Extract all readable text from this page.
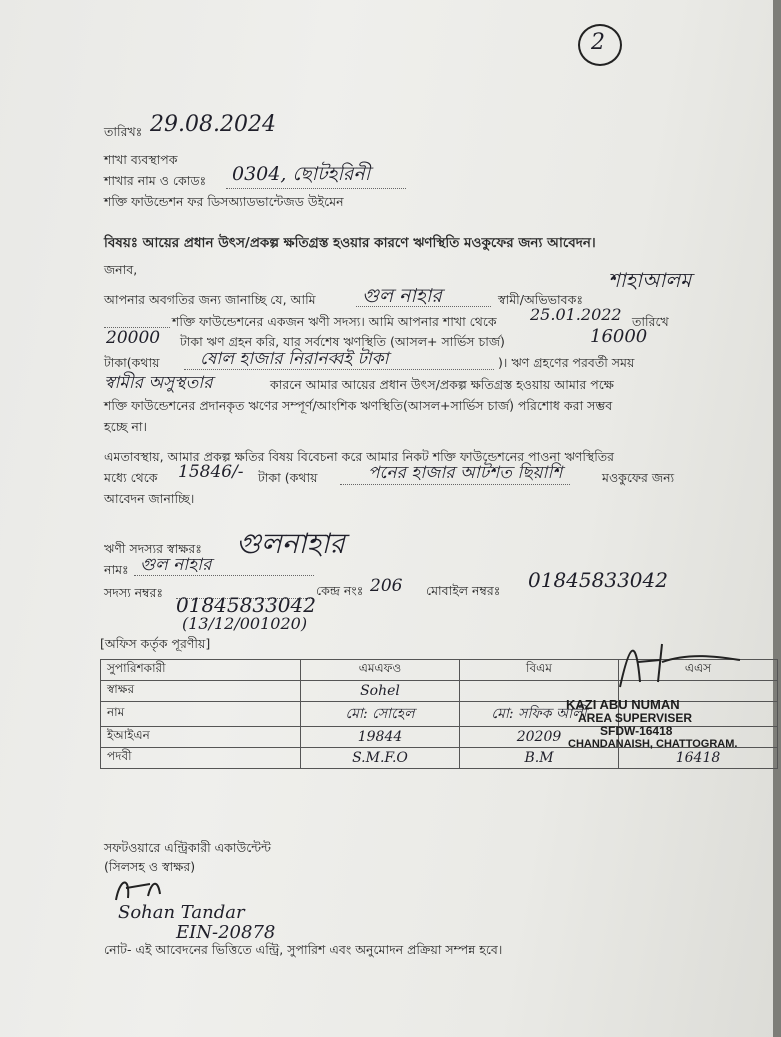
2
তারিখঃ 29.08.2024
শাখা ব্যবস্থাপক
শাখার নাম ও কোডঃ 0304, ছোটহরিনী
শক্তি ফাউন্ডেশন ফর ডিসঅ্যাডভান্টেজড উইমেন
বিষয়ঃ আয়ের প্রধান উৎস/প্রকল্প ক্ষতিগ্রস্ত হওয়ার কারণে ঋণস্থিতি মওকুফের জন্য আবেদন।
জনাব,
আপনার অবগতির জন্য জানাচ্ছি যে, আমি গুল নাহার	স্বামী/অভিভাবকঃ
শাহাআলম
শক্তি ফাউন্ডেশনের একজন ঋণী সদস্য। আমি আপনার শাখা থেকে 25.01.2022 তারিখে
20000 টাকা ঋণ গ্রহন করি, যার সর্বশেষ ঋণস্থিতি (আসল+ সার্ভিস চার্জ)	16000
টাকা(কথায় ষোল হাজার নিরানব্বই টাকা	)। ঋণ গ্রহণের পরবর্তী সময়
স্বামীর অসুস্থতার	কারনে আমার আয়ের প্রধান উৎস/প্রকল্প ক্ষতিগ্রস্ত হওয়ায় আমার পক্ষে
শক্তি ফাউন্ডেশনের প্রদানকৃত ঋণের সম্পূর্ণ/আংশিক ঋণস্থিতি(আসল+সার্ভিস চার্জ) পরিশোধ করা সম্ভব
হচ্ছে না।
এমতাবস্থায়, আমার প্রকল্প ক্ষতির বিষয় বিবেচনা করে আমার নিকট শক্তি ফাউন্ডেশনের পাওনা ঋণস্থিতির
মধ্যে থেকে 15846/- টাকা (কথায়	পনের হাজার আটশত ছিয়াশি	মওকুফের জন্য
আবেদন জানাচ্ছি।
ঋণী সদস্যর স্বাক্ষরঃ গুলনাহার
নামঃ গুল নাহার
সদস্য নম্বরঃ	কেন্দ্র নংঃ 206 মোবাইল নম্বরঃ 01845833042
01845833042
(13/12/001020)
[অফিস কর্তৃক পূরণীয়]
সুপারিশকারী	এমএফও	বিএম	এএস
স্বাক্ষর	Sohel		
নাম	মো: সোহেল	মো: সফিক আলী	
ইআইএন	19844	20209	
পদবী	S.M.F.O	B.M	16418
KAZI ABU NUMAN
AREA SUPERVISER
SFDW-16418
CHANDANAISH, CHATTOGRAM.
সফটওয়ারে এন্ট্রিকারী একাউন্টেন্ট
(সিলসহ ও স্বাক্ষর)
Sohan Tandar
EIN-20878
নোট- এই আবেদনের ভিত্তিতে এন্ট্রি, সুপারিশ এবং অনুমোদন প্রক্রিয়া সম্পন্ন হবে।
